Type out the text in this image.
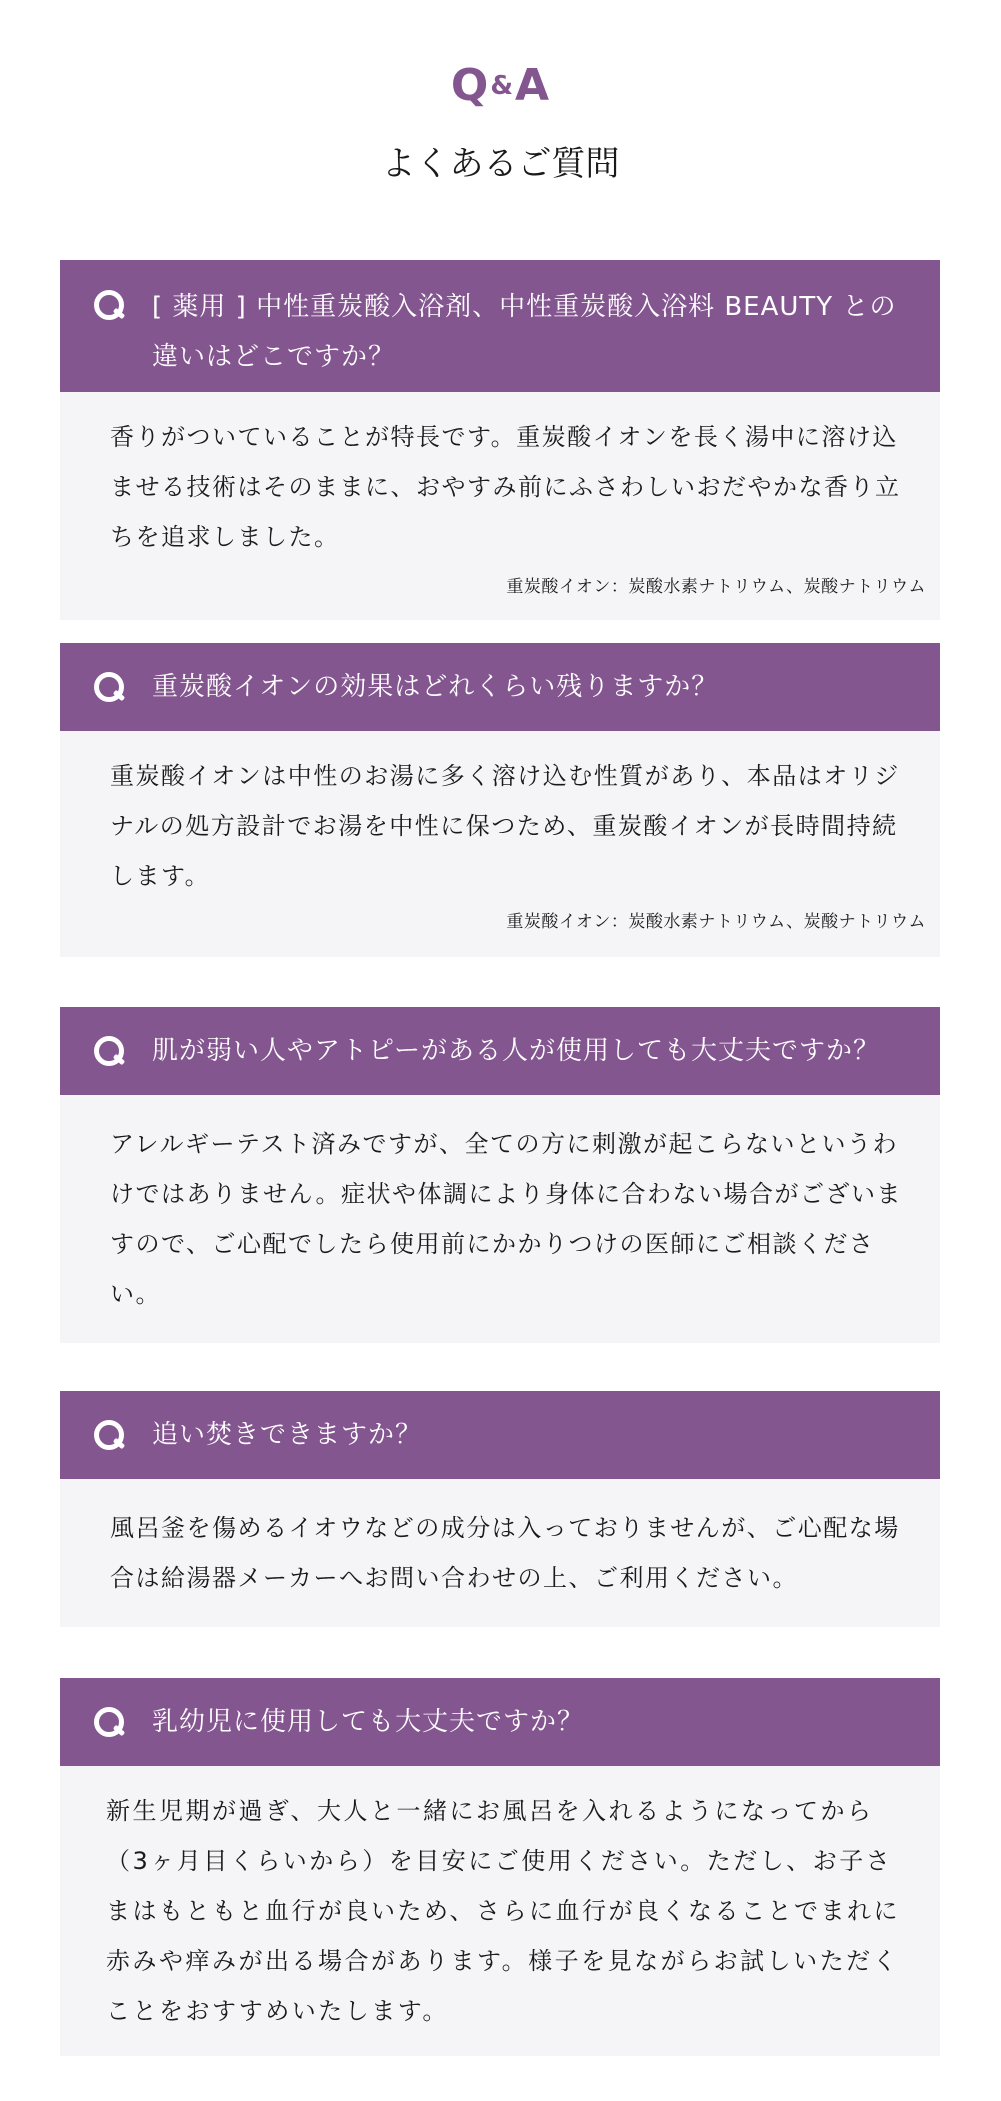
Q&A
よくあるご質問
[ 薬用 ] 中性重炭酸入浴剤、中性重炭酸入浴料 BEAUTY との違いはどこですか？

香りがついていることが特長です。重炭酸イオンを長く湯中に溶け込ませる技術はそのままに、おやすみ前にふさわしいおだやかな香り立ちを追求しました。

重炭酸イオン：炭酸水素ナトリウム、炭酸ナトリウム
重炭酸イオンの効果はどれくらい残りますか？

重炭酸イオンは中性のお湯に多く溶け込む性質があり、本品はオリジナルの処方設計でお湯を中性に保つため、重炭酸イオンが長時間持続します。

重炭酸イオン：炭酸水素ナトリウム、炭酸ナトリウム
肌が弱い人やアトピーがある人が使用しても大丈夫ですか？

アレルギーテスト済みですが、全ての方に刺激が起こらないというわけではありません。症状や体調により身体に合わない場合がございますので、ご心配でしたら使用前にかかりつけの医師にご相談ください。

追い焚きできますか？

風呂釜を傷めるイオウなどの成分は入っておりませんが、ご心配な場合は給湯器メーカーへお問い合わせの上、ご利用ください。

乳幼児に使用しても大丈夫ですか？

新生児期が過ぎ、大人と一緒にお風呂を入れるようになってから（3ヶ月目くらいから）を目安にご使用ください。ただし、お子さまはもともと血行が良いため、さらに血行が良くなることでまれに赤みや痒みが出る場合があります。様子を見ながらお試しいただくことをおすすめいたします。
